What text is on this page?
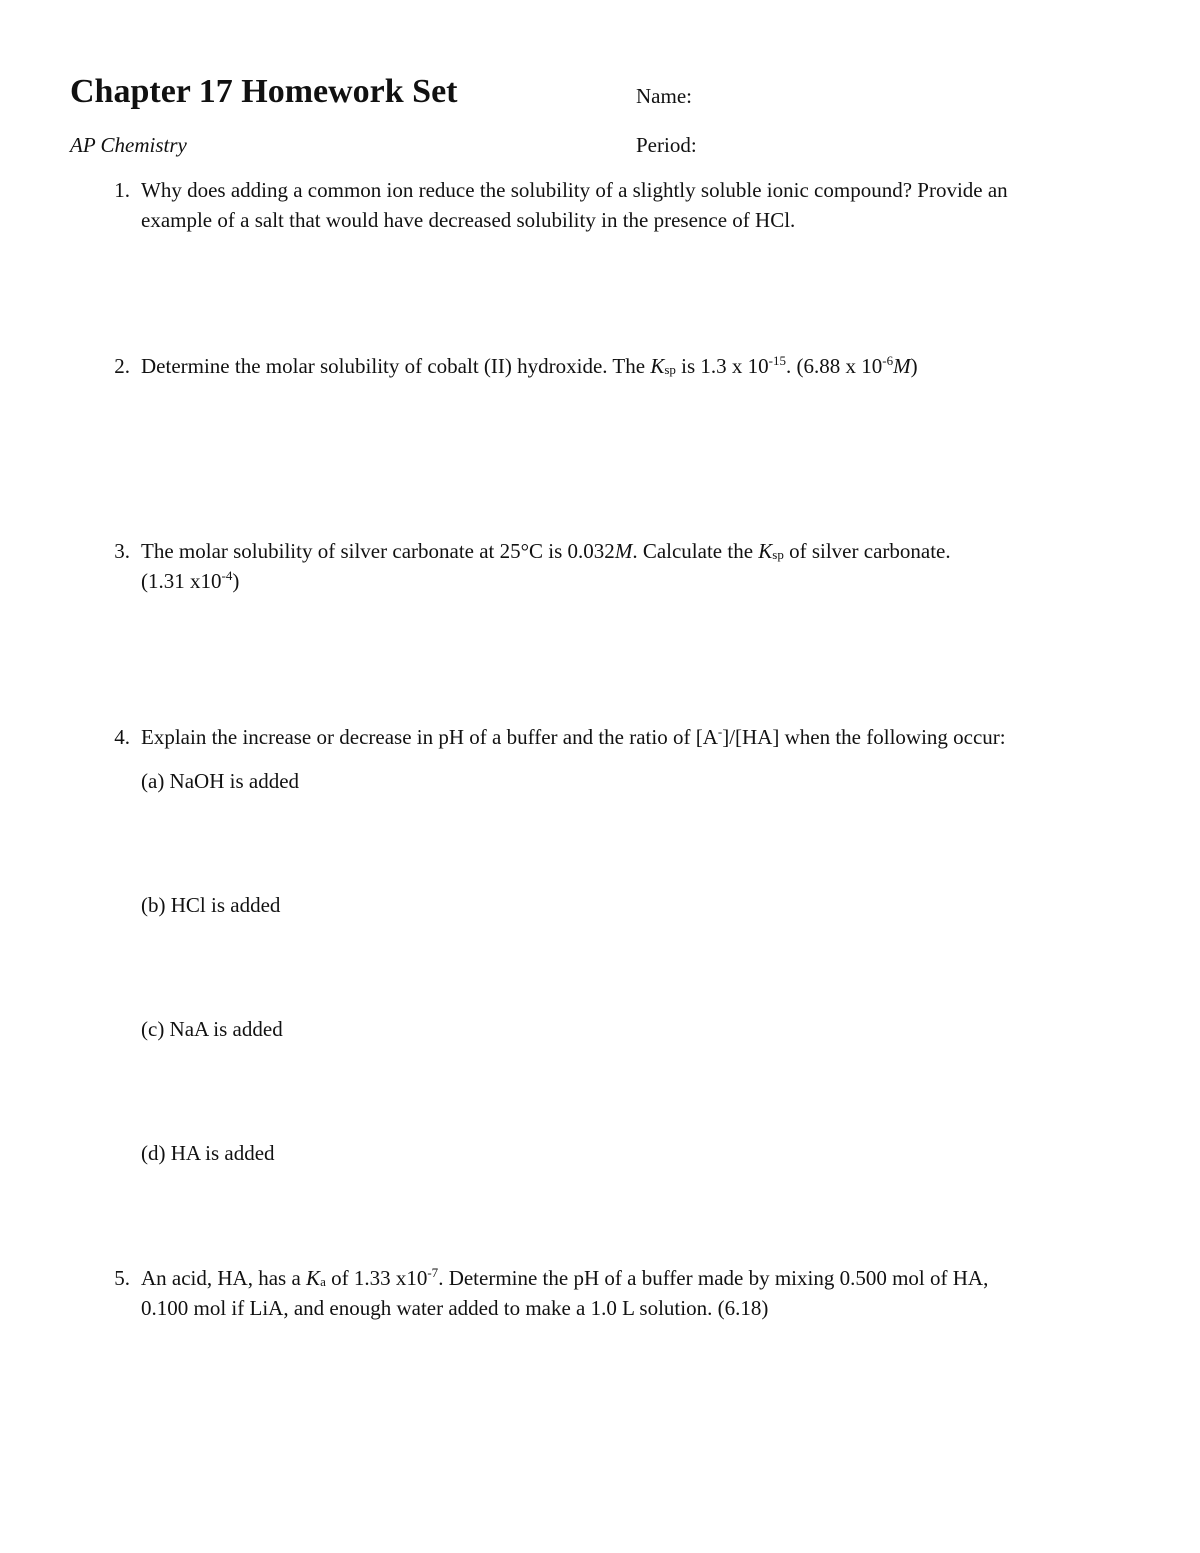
Chapter 17 Homework Set
AP Chemistry
Name:
Period:
1. Why does adding a common ion reduce the solubility of a slightly soluble ionic compound? Provide an
example of a salt that would have decreased solubility in the presence of HCl.
2. Determine the molar solubility of cobalt (II) hydroxide. The $K_{sp}$ is 1.3 x $10^{-15}$. (6.88 x $10^{-6}M$)
3. The molar solubility of silver carbonate at 25°C is 0.032M. Calculate the $K_{sp}$ of silver carbonate.
(1.31 $x10^{-4}$)
4. Explain the increase or decrease in pH of a buffer and the ratio of [A-]/[HA] when the following occur:
(a) NaOH is added
(b) HCl is added
(c) NaA is added
(d) HA is added
5. An acid, HA, has a $K_a$ of 1.33 $x10^{-7}$. Determine the pH of a buffer made by mixing 0.500 mol of HA,
0.100 mol if LiA, and enough water added to make a 1.0 L solution. (6.18)
